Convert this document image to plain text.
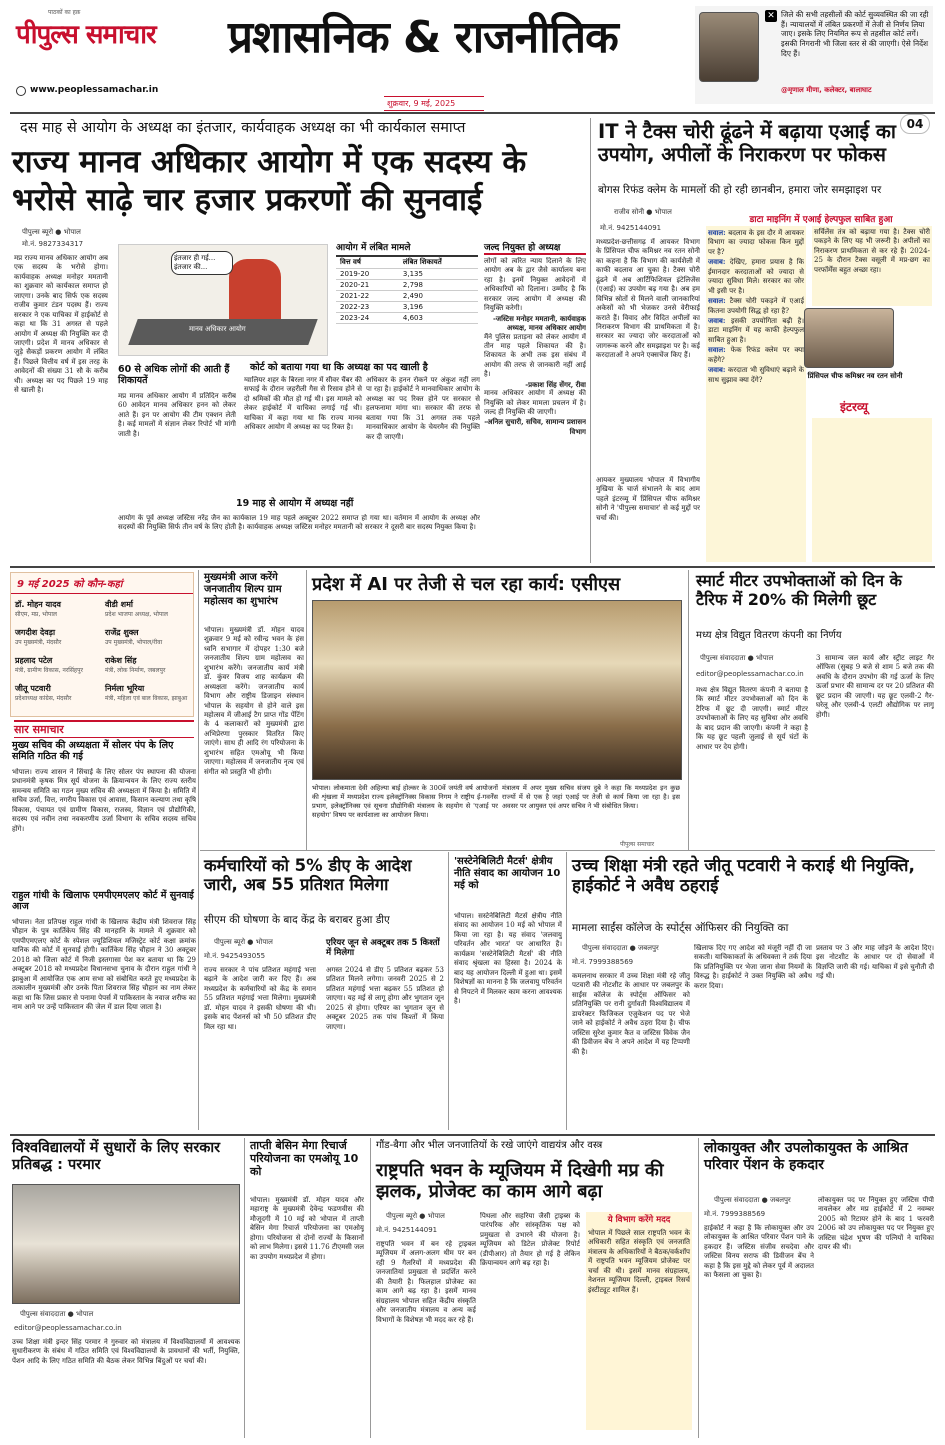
पाठकों का हक़
पीपुल्स समाचार प्रशासनिक & राजनीतिक
www.peoplessamachar.in
शुक्रवार, 9 मई, 2025
✕ जिले की सभी तहसीलों की कोर्ट सुव्यवस्थित की जा रही हैं। न्यायालयों में लंबित प्रकरणों में तेजी से निर्णय लिया जाए। इसके लिए नियमित रूप से तहसील कोर्ट लगें। इसकी निगरानी भी जिला स्तर से की जाएगी। ऐसे निर्देश दिए हैं।
@मृणाल मीणा, कलेक्टर, बालाघाट
04
दस माह से आयोग के अध्यक्ष का इंतजार, कार्यवाहक अध्यक्ष का भी कार्यकाल समाप्त
राज्य मानव अधिकार आयोग में एक सदस्य के भरोसे साढ़े चार हजार प्रकरणों की सुनवाई
पीपुल्स ब्यूरो ● भोपाल
मो.नं. 9827334317
मप्र राज्य मानव अधिकार आयोग अब एक सदस्य के भरोसे होगा। कार्यवाहक अध्यक्ष मनोहर ममतानी का शुक्रवार को कार्यकाल समाप्त हो जाएगा। उनके बाद सिर्फ एक सदस्य राजीव कुमार टंडन पदस्थ हैं। राज्य सरकार ने एक याचिका में हाईकोर्ट से कहा था कि 31 अगस्त से पहले आयोग में अध्यक्ष की नियुक्ति कर दी जाएगी। प्रदेश में मानव अधिकार से जुड़े सैकड़ों प्रकरण आयोग में लंबित हैं। पिछले वित्तीय वर्ष में इस तरह के आवेदनों की संख्या 31 सौ के करीब थी। अध्यक्ष का पद पिछले 19 माह से खाली है।
मानव अधिकार आयोग
इंतजार ही गई... इंतजार की...
आयोग में लंबित मामले
वित्त वर्ष	लंबित शिकायतें
2019-20	3,135
2020-21	2,798
2021-22	2,490
2022-23	3,196
2023-24	4,603
जल्द नियुक्त हो अध्यक्ष
लोगों को त्वरित न्याय दिलाने के लिए आयोग अब के द्वार जैसे कार्यालय बना रहा है। इनमें नियुक्त आवेदनों में अधिकारियों को दिलाना। उम्मीद है कि सरकार जल्द आयोग में अध्यक्ष की नियुक्ति करेगी।
-जस्टिस मनोहर ममतानी, कार्यवाहक अध्यक्ष, मानव अधिकार आयोग
मैंने पुलिस प्रताड़ना को लेकर आयोग में तीन माह पहले शिकायत की है। शिकायत के अभी तक इस संबंध में आयोग की तरफ से जानकारी नहीं आई है।
-प्रकाश सिंह सेंगर, रीवा
मानव अधिकार आयोग में अध्यक्ष की नियुक्ति को लेकर मामला प्रचलन में है। जल्द ही नियुक्ति की जाएगी।
-अनिल सुचारी, सचिव, सामान्य प्रशासन विभाग
60 से अधिक लोगों की आती हैं शिकायतें
मप्र मानव अधिकार आयोग में प्रतिदिन करीब 60 आवेदन मानव अधिकार हनन को लेकर आते हैं। इन पर आयोग की टीम एक्शन लेती है। कई मामलों में संज्ञान लेकर रिपोर्ट भी मांगी जाती है।
कोर्ट को बताया गया था कि अध्यक्ष का पद खाली है
ग्वालियर शहर के बिरला नगर में सीवर चैंबर की सफाई के दौरान जहरीली गैस से रिसाव होने से दो श्रमिकों की मौत हो गई थी। इस मामले को लेकर हाईकोर्ट में याचिका लगाई गई थी। याचिका में कहा गया था कि राज्य मानव अधिकार आयोग में अध्यक्ष का पद रिक्त है।
अधिकार के हनन रोकने पर अंकुश नहीं लग पा रहा है। हाईकोर्ट ने मानवाधिकार आयोग के अध्यक्ष का पद रिक्त होने पर सरकार से हलफनामा मांगा था। सरकार की तरफ से बताया गया कि 31 अगस्त तक पहले मानवाधिकार आयोग के चेयरमैन की नियुक्ति कर दी जाएगी।
19 माह से आयोग में अध्यक्ष नहीं
आयोग के पूर्व अध्यक्ष जस्टिस नरेंद्र जैन का कार्यकाल 19 माह पहले अक्टूबर 2022 समाप्त हो गया था। वर्तमान में आयोग के अध्यक्ष और सदस्यों की नियुक्ति सिर्फ तीन वर्ष के लिए होती है। कार्यवाहक अध्यक्ष जस्टिस मनोहर ममतानी को सरकार ने दूसरी बार सदस्य नियुक्त किया है।
IT ने टैक्स चोरी ढूंढने में बढ़ाया एआई का उपयोग, अपीलों के निराकरण पर फोकस
बोगस रिफंड क्लेम के मामलों की हो रही छानबीन, हमारा जोर समझाइश पर
राजीव सोनी ● भोपाल
मो.नं. 9425144091
मध्यप्रदेश-छत्तीसगढ़ में आयकर विभाग के प्रिंसिपल चीफ कमिश्नर नव रतन सोनी का कहना है कि विभाग की कार्यशैली में काफी बदलाव आ चुका है। टैक्स चोरी ढूंढने में अब आर्टिफिशियल इंटेलिजेंस (एआई) का उपयोग बढ़ गया है। अब हम विभिन्न स्रोतों से मिलने वाली जानकारियां अकेसों को भी भेजकर उनसे वेरीफाई कराते हैं। विवाद और विदित अपीलों का निराकरण विभाग की प्राथमिकता में है। सरकार का ज्यादा जोर करदाताओं को जागरूक करने और समझाइश पर है। कई करदाताओं ने अपने एक्सचेंज किए हैं।
आयकर मुख्यालय भोपाल में विभागीय मुखिया के चार्ज संभालने के बाद आम पहले इंटरव्यू में प्रिंसिपल चीफ कमिश्नर सोनी ने 'पीपुल्स समाचार' से कई मुद्दों पर चर्चा की।
डाटा माइनिंग में एआई हेल्पफुल साबित हुआ
सवाल: बदलाव के इस दौर में आयकर विभाग का ज्यादा फोकस किन मुद्दों पर है?
जवाब: देखिए, हमारा प्रयास है कि ईमानदार करदाताओं को ज्यादा से ज्यादा सुविधा मिले। सरकार का जोर भी इसी पर है।
सवाल: टैक्स चोरी पकड़ने में एआई कितना उपयोगी सिद्ध हो रहा है?
जवाब: इसकी उपयोगिता बढ़ी है। डाटा माइनिंग में यह काफी हेल्पफुल साबित हुआ है।
सवाल: फेक रिफंड क्लेम पर क्या कहेंगे?
जवाब: करदाता भी सुविधाएं बढ़ाने के साथ सुझाव क्या देंगे?
सर्विलेंस तंत्र को बढ़ाया गया है। टैक्स चोरी पकड़ने के लिए यह भी जरूरी है। अपीलों का निराकरण प्राथमिकता से कर रहे हैं। 2024-25 के दौरान टैक्स वसूली में मप्र-छग का परफॉर्मेंस बहुत अच्छा रहा।
प्रिंसिपल चीफ कमिश्नर नव रतन सोनी
इंटरव्यू
9 मई 2025 को कौन-कहां
डॉ. मोहन यादव
सीएम, मप्र, भोपाल
वीडी शर्मा
प्रदेश भाजपा अध्यक्ष, भोपाल
जगदीश देवड़ा
उप मुख्यमंत्री, मंदसौर
राजेंद्र शुक्ल
उप मुख्यमंत्री, भोपाल/रीवा
प्रहलाद पटेल
मंत्री, ग्रामीण विकास, नरसिंहपुर
राकेश सिंह
मंत्री, लोक निर्माण, जबलपुर
जीतू पटवारी
प्रदेशाध्यक्ष कांग्रेस, मंदसौर
निर्मला भूरिया
मंत्री, महिला एवं बाल विकास, झाबुआ
सार समाचार
मुख्य सचिव की अध्यक्षता में सोलर पंप के लिए समिति गठित की गई
भोपाल। राज्य शासन ने सिंचाई के लिए सोलर पंप स्थापना की योजना प्रधानमंत्री कृषक मित्र सूर्य योजना के क्रियान्वयन के लिए राज्य स्तरीय समन्वय समिति का गठन मुख्य सचिव की अध्यक्षता में किया है। समिति में सचिव उर्जा, वित्त, नगरीय विकास एवं आवास, किसान कल्याण तथा कृषि विकास, पंचायत एवं ग्रामीण विकास, राजस्व, विज्ञान एवं प्रौद्योगिकी, सदस्य एवं नवीन तथा नवकरणीय उर्जा विभाग के सचिव सदस्य सचिव होंगे।
राहुल गांधी के खिलाफ एमपीएमएलए कोर्ट में सुनवाई आज
भोपाल। नेता प्रतिपक्ष राहुल गांधी के खिलाफ केंद्रीय मंत्री शिवराज सिंह चौहान के पुत्र कार्तिकेय सिंह की मानहानि के मामले में शुक्रवार को एमपीएमएलए कोर्ट के स्पेशल ज्यूडिशियल मजिस्ट्रेट कोर्ट कक्षा क्रमांक यानिक की कोर्ट में सुनवाई होगी। कार्तिकेय सिंह चौहान ने 30 अक्टूबर 2018 को जिला कोर्ट में निजी इस्तगासा पेश कर बताया था कि 29 अक्टूबर 2018 को मध्यप्रदेश विधानसभा चुनाव के दौरान राहुल गांधी ने झाबुआ में आयोजित एक आम सभा को संबोधित करते हुए मध्यप्रदेश के तत्कालीन मुख्यमंत्री और उनके पिता शिवराज सिंह चौहान का नाम लेकर कहा था कि जिस प्रकार से पनामा पेपर्स में पाकिस्तान के नवाज शरीफ का नाम आने पर उन्हें पाकिस्तान की जेल में डाल दिया जाता है।
मुख्यमंत्री आज करेंगे जनजातीय शिल्प ग्राम महोत्सव का शुभारंभ
भोपाल। मुख्यमंत्री डॉ. मोहन यादव शुक्रवार 9 मई को रवीन्द्र भवन के हंस ध्वनि सभागार में दोपहर 1:30 बजे जनजातीय शिल्प ग्राम महोत्सव का शुभारंभ करेंगे। जनजातीय कार्य मंत्री डॉ. कुंवर विजय शाह कार्यक्रम की अध्यक्षता करेंगे। जनजातीय कार्य विभाग और राष्ट्रीय डिजाइन संस्थान भोपाल के सहयोग से होने वाले इस महोत्सव में जीआई टैग प्राप्त गोंड पेंटिंग के 4 कलाकारों को मुख्यमंत्री द्वारा अभिप्रेरणा पुरस्कार वितरित किए जाएंगे। साथ ही आदि रंग परियोजना के शुभारंभ सहित एमओयू भी किया जाएगा। महोत्सव में जनजातीय नृत्य एवं संगीत को प्रस्तुति भी होगी।
प्रदेश में AI पर तेजी से चल रहा कार्य: एसीएस
भोपाल। लोकमाता देवी अहिल्या बाई होल्कर के 300वें जयंती वर्ष आयोजनों की शृंखला में मध्यप्रदेश राज्य इलेक्ट्रॉनिक्स विकास निगम ने राष्ट्रीय ई-गवर्नेंस प्रभाग, इलेक्ट्रॉनिक्स एवं सूचना प्रौद्योगिकी मंत्रालय के सहयोग से 'एआई पर सहयोग' विषय पर कार्यशाला का आयोजन किया।
मंत्रालय में अपर मुख्य सचिव संजय दुबे ने कहा कि मध्यप्रदेश इन कुछ राज्यों में से एक है जहां एआई पर तेजी से कार्य किया जा रहा है। इस अवसर पर आयुक्त एवं अपर सचिव ने भी संबोधित किया।
पीपुल्स समाचार
स्मार्ट मीटर उपभोक्ताओं को दिन के टैरिफ में 20% की मिलेगी छूट
मध्य क्षेत्र विद्युत वितरण कंपनी का निर्णय
पीपुल्स संवाददाता ● भोपाल
editor@peoplessamachar.co.in
मध्य क्षेत्र विद्युत वितरण कंपनी ने बताया है कि स्मार्ट मीटर उपभोक्ताओं को दिन के टैरिफ में छूट दी जाएगी। स्मार्ट मीटर उपभोक्ताओं के लिए यह सुविधा ओर अवधि के बाद प्रदान की जाएगी। कंपनी ने कहा है कि यह छूट पहली जुलाई से सूर्य घंटों के आधार पर देय होगी।
3 सामान्य जल कार्य और स्ट्रीट लाइट गैर ऑफिस (सुबह 9 बजे से शाम 5 बजे तक की अवधि के दौरान उपभोग की गई ऊर्जा के लिए ऊर्जा प्रभार की सामान्य दर पर 20 प्रतिशत की छूट प्रदान की जाएगी। यह छूट एलवी-2 गैर-घरेलू और एलवी-4 एलटी औद्योगिक पर लागू होगी।
कर्मचारियों को 5% डीए के आदेश जारी, अब 55 प्रतिशत मिलेगा
सीएम की घोषणा के बाद केंद्र के बराबर हुआ डीए
पीपुल्स ब्यूरो ● भोपाल
मो.नं. 9425493055
राज्य सरकार ने पांच प्रतिशत महंगाई भत्ता बढ़ाने के आदेश जारी कर दिए हैं। अब मध्यप्रदेश के कर्मचारियों को केंद्र के समान 55 प्रतिशत महंगाई भत्ता मिलेगा। मुख्यमंत्री डॉ. मोहन यादव ने इसकी घोषणा की थी। इसके बाद पेंशनर्स को भी 50 प्रतिशत डीए मिल रहा था।
एरियर जून से अक्टूबर तक 5 किश्तों में मिलेगा
अगस्त 2024 से डीए 5 प्रतिशत बढ़कर 53 प्रतिशत मिलने लगेगा। जनवरी 2025 से 2 प्रतिशत महंगाई भत्ता बढ़कर 55 प्रतिशत हो जाएगा। यह मई से लागू होगा और भुगतान जून 2025 से होगा। एरियर का भुगतान जून से अक्टूबर 2025 तक पांच किश्तों में किया जाएगा।
'सस्टेनेबिलिटी मैटर्स' क्षेत्रीय नीति संवाद का आयोजन 10 मई को
भोपाल। सस्टेनेबिलिटी मैटर्स क्षेत्रीय नीति संवाद का आयोजन 10 मई को भोपाल में किया जा रहा है। यह संवाद 'जलवायु परिवर्तन और भारत' पर आधारित है। कार्यक्रम 'सस्टेनेबिलिटी मैटर्स' की नीति संवाद श्रृंखला का हिस्सा है। 2024 के बाद यह आयोजन दिल्ली में हुआ था। इसमें विशेषज्ञों का मानना है कि जलवायु परिवर्तन से निपटने में मिलकर काम करना आवश्यक है।
उच्च शिक्षा मंत्री रहते जीतू पटवारी ने कराई थी नियुक्ति, हाईकोर्ट ने अवैध ठहराई
मामला साईंस कॉलेज के स्पोर्ट्स ऑफिसर की नियुक्ति का
पीपुल्स संवाददाता ● जबलपुर
मो.नं. 7999388569
कमलनाथ सरकार में उच्च शिक्षा मंत्री रहे जीतू पटवारी की नोटशीट के आधार पर जबलपुर के साईंस कॉलेज के स्पोर्ट्स ऑफिसर को प्रतिनियुक्ति पर रानी दुर्गावती विश्वविद्यालय में डायरेक्टर फिजिकल एजुकेशन पद पर भेजे जाने को हाईकोर्ट ने अवैध ठहरा दिया है। चीफ जस्टिस सुरेश कुमार कैत व जस्टिस विवेक जैन की डिवीजन बेंच ने अपने आदेश में यह टिप्पणी की है।
खिलाफ दिए गए आदेश को मंजूरी नहीं दी जा सकती। याचिकाकर्ता के अधिवक्ता ने तर्क दिया कि प्रतिनियुक्ति पर भेजा जाना सेवा नियमों के विरुद्ध है। हाईकोर्ट ने उक्त नियुक्ति को अवैध करार दिया।
प्रस्ताव पर 3 और माह जोड़ने के आदेश दिए। इस नोटशीट के आधार पर दो सेवाओं में विज्ञप्ति जारी की गई। याचिका में इसे चुनौती दी गई थी।
विश्वविद्यालयों में सुधारों के लिए सरकार प्रतिबद्ध : परमार
पीपुल्स संवाददाता ● भोपाल
editor@peoplessamachar.co.in
उच्च शिक्षा मंत्री इन्दर सिंह परमार ने गुरुवार को मंत्रालय में विश्वविद्यालयों में आवश्यक सुधारीकरण के संबंध में गठित समिति एवं विश्वविद्यालयों के प्रावधानों की भर्ती, नियुक्ति, पेंशन आदि के लिए गठित समिति की बैठक लेकर विभिन्न बिंदुओं पर चर्चा की।
ताप्ती बेसिन मेगा रिचार्ज परियोजना का एमओयू 10 को
भोपाल। मुख्यमंत्री डॉ. मोहन यादव और महाराष्ट्र के मुख्यमंत्री देवेन्द्र फडणवीस की मौजूदगी में 10 मई को भोपाल में ताप्ती बेसिन मेगा रिचार्ज परियोजना का एमओयू होगा। परियोजना से दोनों राज्यों के किसानों को लाभ मिलेगा। इससे 11.76 टीएमसी जल का उपयोग मध्यप्रदेश में होगा।
गौंड-बैगा और भील जनजातियों के रखे जाएंगे वाद्ययंत्र और वस्त्र
राष्ट्रपति भवन के म्यूजियम में दिखेगी मप्र की झलक, प्रोजेक्ट का काम आगे बढ़ा
पीपुल्स ब्यूरो ● भोपाल
मो.नं. 9425144091
राष्ट्रपति भवन में बन रहे ट्राइबल म्यूजियम में अलग-अलग थीम पर बन रही 9 गैलरियों में मध्यप्रदेश की जनजातियां प्रमुखता से प्रदर्शित करने की तैयारी है। फिलहाल प्रोजेक्ट का काम आगे बढ़ रहा है। इसमें मानव संग्रहालय भोपाल सहित केंद्रीय संस्कृति और जनजातीय मंत्रालय व अन्य कई विभागों के विशेषज्ञ भी मदद कर रहे हैं।
पिथला और सहरिया जैसी ट्राइब्स के पारंपरिक और सांस्कृतिक पक्ष को प्रमुखता से उभारने की योजना है। म्यूजियम को डिटेल प्रोजेक्ट रिपोर्ट (डीपीआर) तो तैयार हो गई है लेकिन क्रियान्वयन आगे बढ़ रहा है।
ये विभाग करेंगे मदद
भोपाल में पिछले साल राष्ट्रपति भवन के अधिकारी सहित संस्कृति एवं जनजाति मंत्रालय के अधिकारियों ने बैठक/वर्कशॉप में राष्ट्रपति भवन म्यूजियम प्रोजेक्ट पर चर्चा की थी। इसमें मानव संग्रहालय, नेशनल म्यूजियम दिल्ली, ट्राइबल रिसर्च इंस्टीट्यूट शामिल हैं।
लोकायुक्त और उपलोकायुक्त के आश्रित परिवार पेंशन के हकदार
पीपुल्स संवाददाता ● जबलपुर
मो.नं. 7999388569
हाईकोर्ट ने कहा है कि लोकायुक्त और उप लोकायुक्त के आश्रित परिवार पेंशन पाने के हकदार हैं। जस्टिस संजीव सचदेवा और जस्टिस विनय सराफ की डिवीजन बेंच ने कहा है कि इस मुद्दे को लेकर पूर्व में अदालत का फैसला आ चुका है।
लोकायुक्त पद पर नियुक्त हुए जस्टिस पीपी नावलेकर और मप्र हाईकोर्ट में 2 नवम्बर 2005 को रिटायर होने के बाद 1 फरवरी 2006 को उप लोकायुक्त पद पर नियुक्त हुए जस्टिस चंद्रेश भूषण की पत्नियों ने याचिका दायर की थी।
